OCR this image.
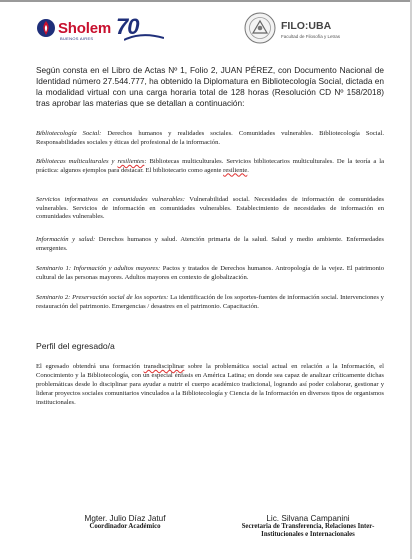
Sholem
BUENOS AIRES 70	FILO:UBA
Facultad de Filosofía y Letras
Según consta en el Libro de Actas Nº 1, Folio 2, JUAN PÉREZ, con Documento Nacional de Identidad número 27.544.777, ha obtenido la Diplomatura en Bibliotecología Social, dictada en la modalidad virtual con una carga horaria total de 128 horas (Resolución CD Nº 158/2018) tras aprobar las materias que se detallan a continuación:
Bibliotecología Social: Derechos humanos y realidades sociales. Comunidades vulnerables. Bibliotecología Social. Responsabilidades sociales y éticas del profesional de la información.
Bibliotecas multiculturales y resilientes: Bibliotecas multiculturales. Servicios bibliotecarios multiculturales. De la teoría a la práctica: algunos ejemplos para destacar. El bibliotecario como agente resiliente.
Servicios informativos en comunidades vulnerables: Vulnerabilidad social. Necesidades de información de comunidades vulnerables. Servicios de información en comunidades vulnerables. Establecimiento de necesidades de información en comunidades vulnerables.
Información y salud: Derechos humanos y salud. Atención primaria de la salud. Salud y medio ambiente. Enfermedades emergentes.
Seminario 1: Información y adultos mayores: Pactos y tratados de Derechos humanos. Antropología de la vejez. El patrimonio cultural de las personas mayores. Adultos mayores en contexto de globalización.
Seminario 2: Preservación social de los soportes: La identificación de los soportes-fuentes de información social. Intervenciones y restauración del patrimonio. Emergencias / desastres en el patrimonio. Capacitación.
Perfil del egresado/a
El egresado obtendrá una formación transdisciplinar sobre la problemática social actual en relación a la Información, el Conocimiento y la Bibliotecología, con un especial énfasis en América Latina; en donde sea capaz de analizar críticamente dichas problemáticas desde lo disciplinar para ayudar a nutrir el cuerpo académico tradicional, logrando así poder colaborar, gestionar y liderar proyectos sociales comunitarios vinculados a la Bibliotecología y Ciencia de la Información en diversos tipos de organismos institucionales.
Mgter. Julio Díaz Jatuf
Coordinador Académico
Lic. Silvana Campanini
Secretaria de Transferencia, Relaciones Inter-
Institucionales e Internacionales
